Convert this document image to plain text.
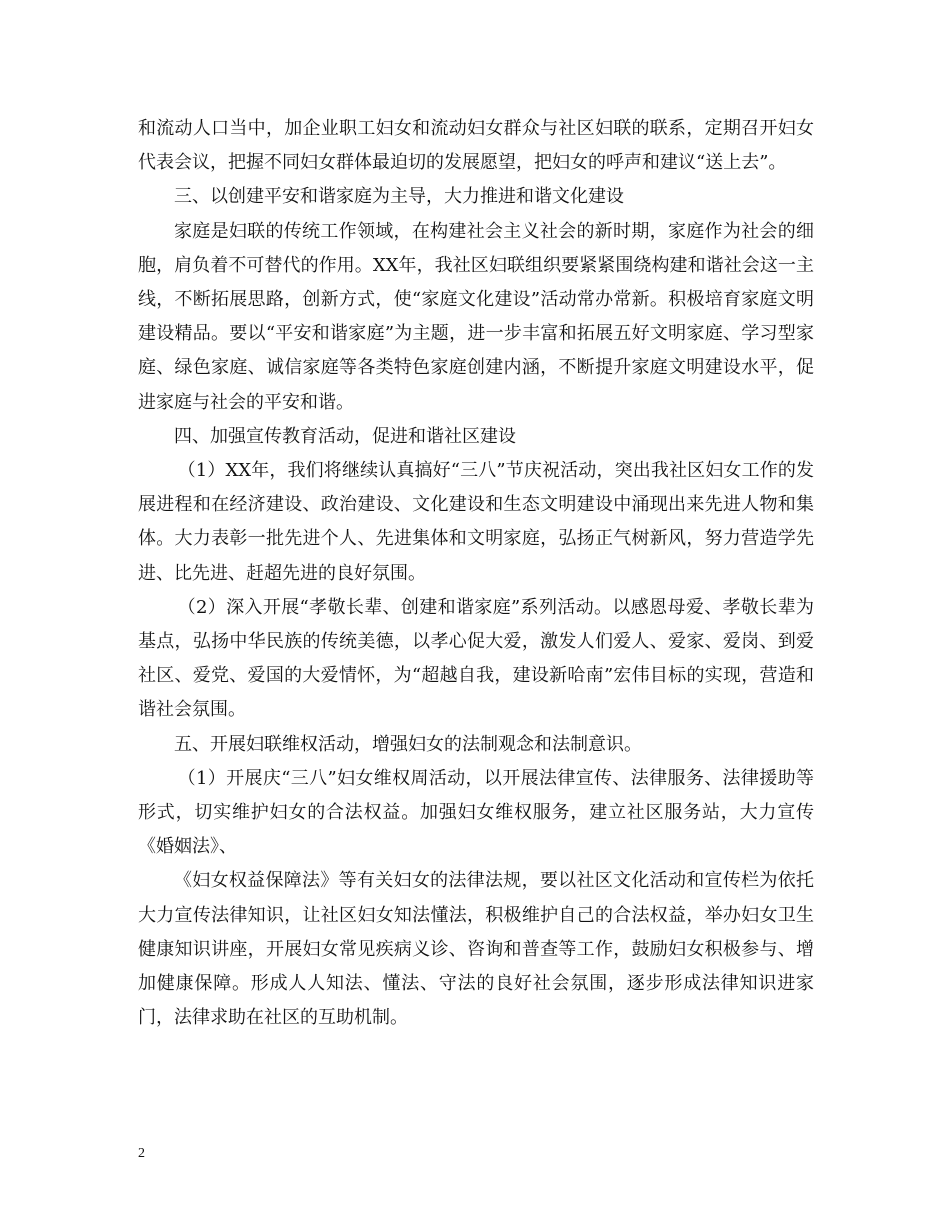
和流动人口当中，加企业职工妇女和流动妇女群众与社区妇联的联系，定期召开妇女代表会议，把握不同妇女群体最迫切的发展愿望，把妇女的呼声和建议“送上去”。

三、以创建平安和谐家庭为主导，大力推进和谐文化建设

家庭是妇联的传统工作领域，在构建社会主义社会的新时期，家庭作为社会的细胞，肩负着不可替代的作用。XX年，我社区妇联组织要紧紧围绕构建和谐社会这一主线，不断拓展思路，创新方式，使“家庭文化建设”活动常办常新。积极培育家庭文明建设精品。要以“平安和谐家庭”为主题，进一步丰富和拓展五好文明家庭、学习型家庭、绿色家庭、诚信家庭等各类特色家庭创建内涵，不断提升家庭文明建设水平，促进家庭与社会的平安和谐。

四、加强宣传教育活动，促进和谐社区建设

（1）XX年，我们将继续认真搞好“三八”节庆祝活动，突出我社区妇女工作的发展进程和在经济建设、政治建设、文化建设和生态文明建设中涌现出来先进人物和集体。大力表彰一批先进个人、先进集体和文明家庭，弘扬正气树新风，努力营造学先进、比先进、赶超先进的良好氛围。

（2）深入开展“孝敬长辈、创建和谐家庭”系列活动。以感恩母爱、孝敬长辈为基点，弘扬中华民族的传统美德，以孝心促大爱，激发人们爱人、爱家、爱岗、到爱社区、爱党、爱国的大爱情怀，为“超越自我，建设新哈南”宏伟目标的实现，营造和谐社会氛围。

五、开展妇联维权活动，增强妇女的法制观念和法制意识。

（1）开展庆“三八”妇女维权周活动，以开展法律宣传、法律服务、法律援助等形式，切实维护妇女的合法权益。加强妇女维权服务，建立社区服务站，大力宣传《婚姻法》、

《妇女权益保障法》等有关妇女的法律法规，要以社区文化活动和宣传栏为依托大力宣传法律知识，让社区妇女知法懂法，积极维护自己的合法权益，举办妇女卫生健康知识讲座，开展妇女常见疾病义诊、咨询和普查等工作，鼓励妇女积极参与、增加健康保障。形成人人知法、懂法、守法的良好社会氛围，逐步形成法律知识进家门，法律求助在社区的互助机制。

2
